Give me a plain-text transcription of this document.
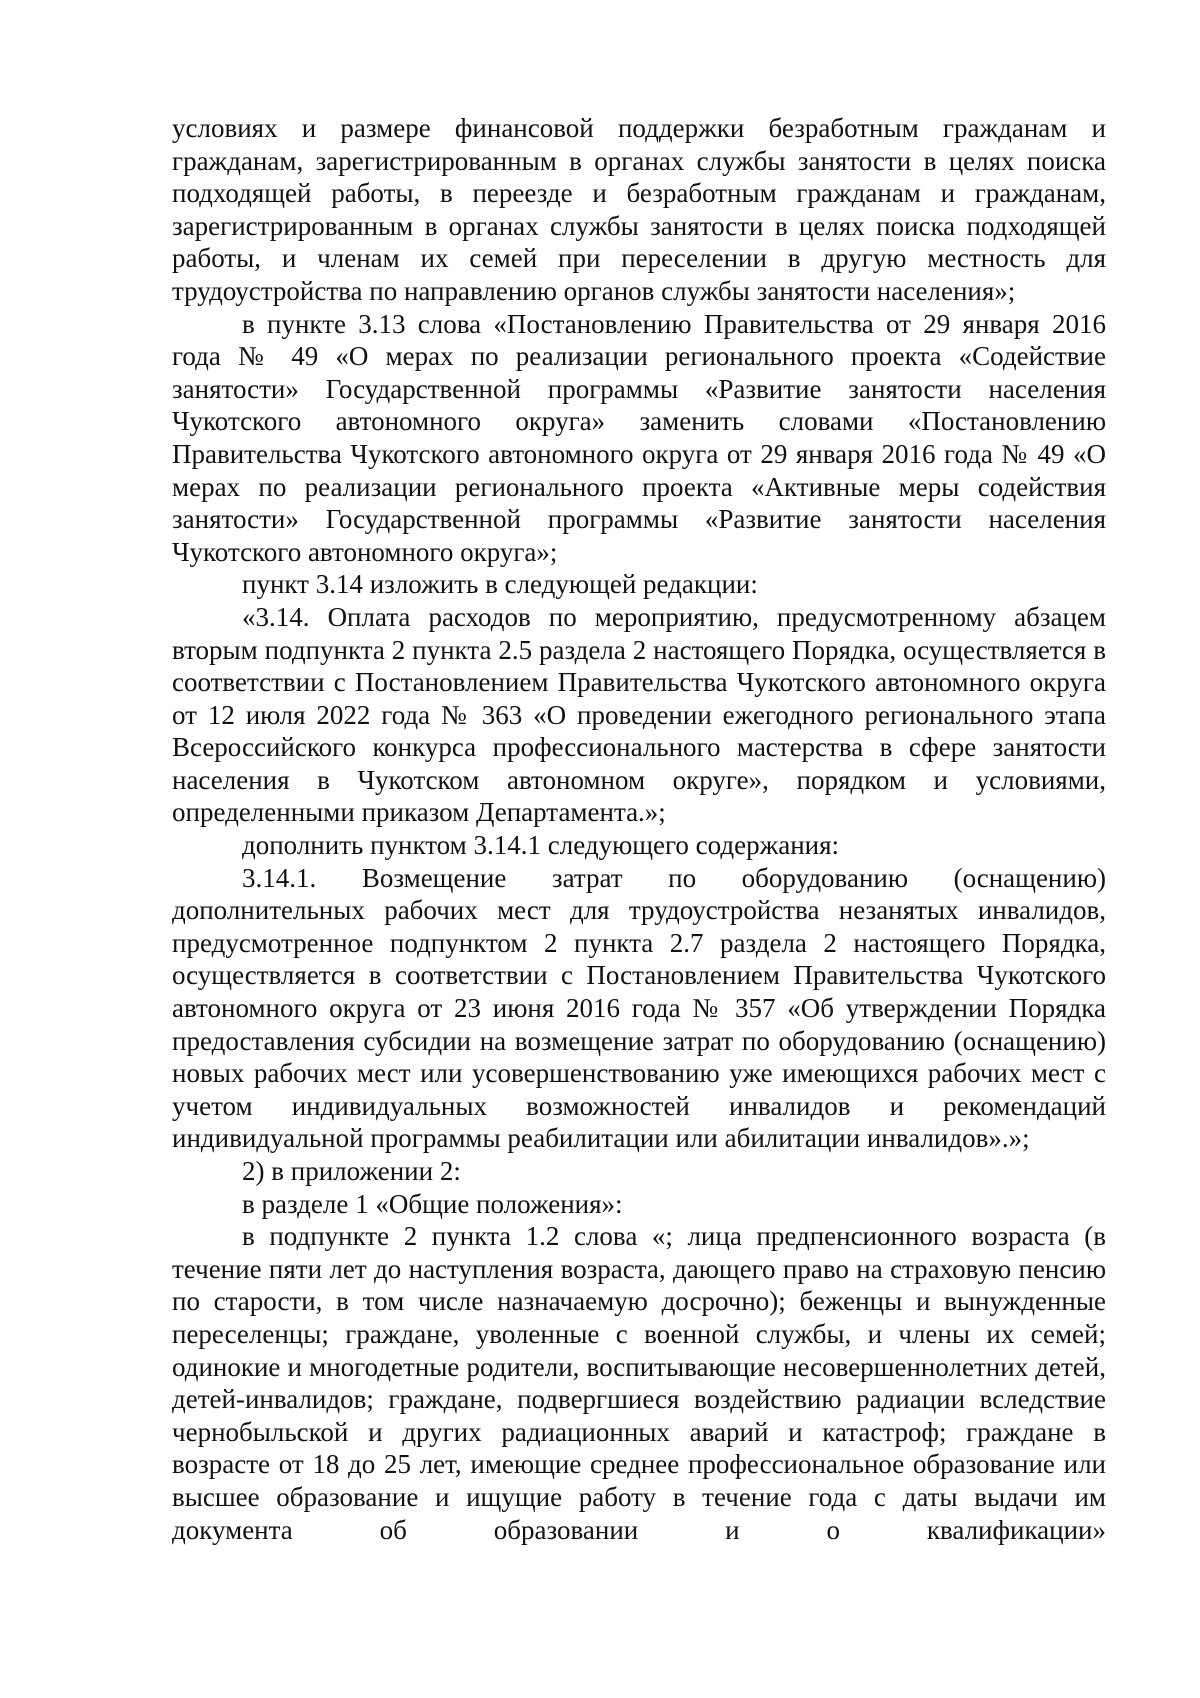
условиях и размере финансовой поддержки безработным гражданам и гражданам, зарегистрированным в органах службы занятости в целях поиска подходящей работы, в переезде и безработным гражданам и гражданам, зарегистрированным в органах службы занятости в целях поиска подходящей работы, и членам их семей при переселении в другую местность для трудоустройства по направлению органов службы занятости населения»;

в пункте 3.13 слова «Постановлению Правительства от 29 января 2016 года № 49 «О мерах по реализации регионального проекта «Содействие занятости» Государственной программы «Развитие занятости населения Чукотского автономного округа» заменить словами «Постановлению Правительства Чукотского автономного округа от 29 января 2016 года № 49 «О мерах по реализации регионального проекта «Активные меры содействия занятости» Государственной программы «Развитие занятости населения Чукотского автономного округа»;

пункт 3.14 изложить в следующей редакции:

«3.14. Оплата расходов по мероприятию, предусмотренному абзацем вторым подпункта 2 пункта 2.5 раздела 2 настоящего Порядка, осуществляется в соответствии с Постановлением Правительства Чукотского автономного округа от 12 июля 2022 года № 363 «О проведении ежегодного регионального этапа Всероссийского конкурса профессионального мастерства в сфере занятости населения в Чукотском автономном округе», порядком и условиями, определенными приказом Департамента.»;

дополнить пунктом 3.14.1 следующего содержания:

3.14.1. Возмещение затрат по оборудованию (оснащению) дополнительных рабочих мест для трудоустройства незанятых инвалидов, предусмотренное подпунктом 2 пункта 2.7 раздела 2 настоящего Порядка, осуществляется в соответствии с Постановлением Правительства Чукотского автономного округа от 23 июня 2016 года № 357 «Об утверждении Порядка предоставления субсидии на возмещение затрат по оборудованию (оснащению) новых рабочих мест или усовершенствованию уже имеющихся рабочих мест с учетом индивидуальных возможностей инвалидов и рекомендаций индивидуальной программы реабилитации или абилитации инвалидов».»;

2) в приложении 2:

в разделе 1 «Общие положения»:

в подпункте 2 пункта 1.2 слова «; лица предпенсионного возраста (в течение пяти лет до наступления возраста, дающего право на страховую пенсию по старости, в том числе назначаемую досрочно); беженцы и вынужденные переселенцы; граждане, уволенные с военной службы, и члены их семей; одинокие и многодетные родители, воспитывающие несовершеннолетних детей, детей-инвалидов; граждане, подвергшиеся воздействию радиации вследствие чернобыльской и других радиационных аварий и катастроф; граждане в возрасте от 18 до 25 лет, имеющие среднее профессиональное образование или высшее образование и ищущие работу в течение года с даты выдачи им документа об образовании и о квалификации»
